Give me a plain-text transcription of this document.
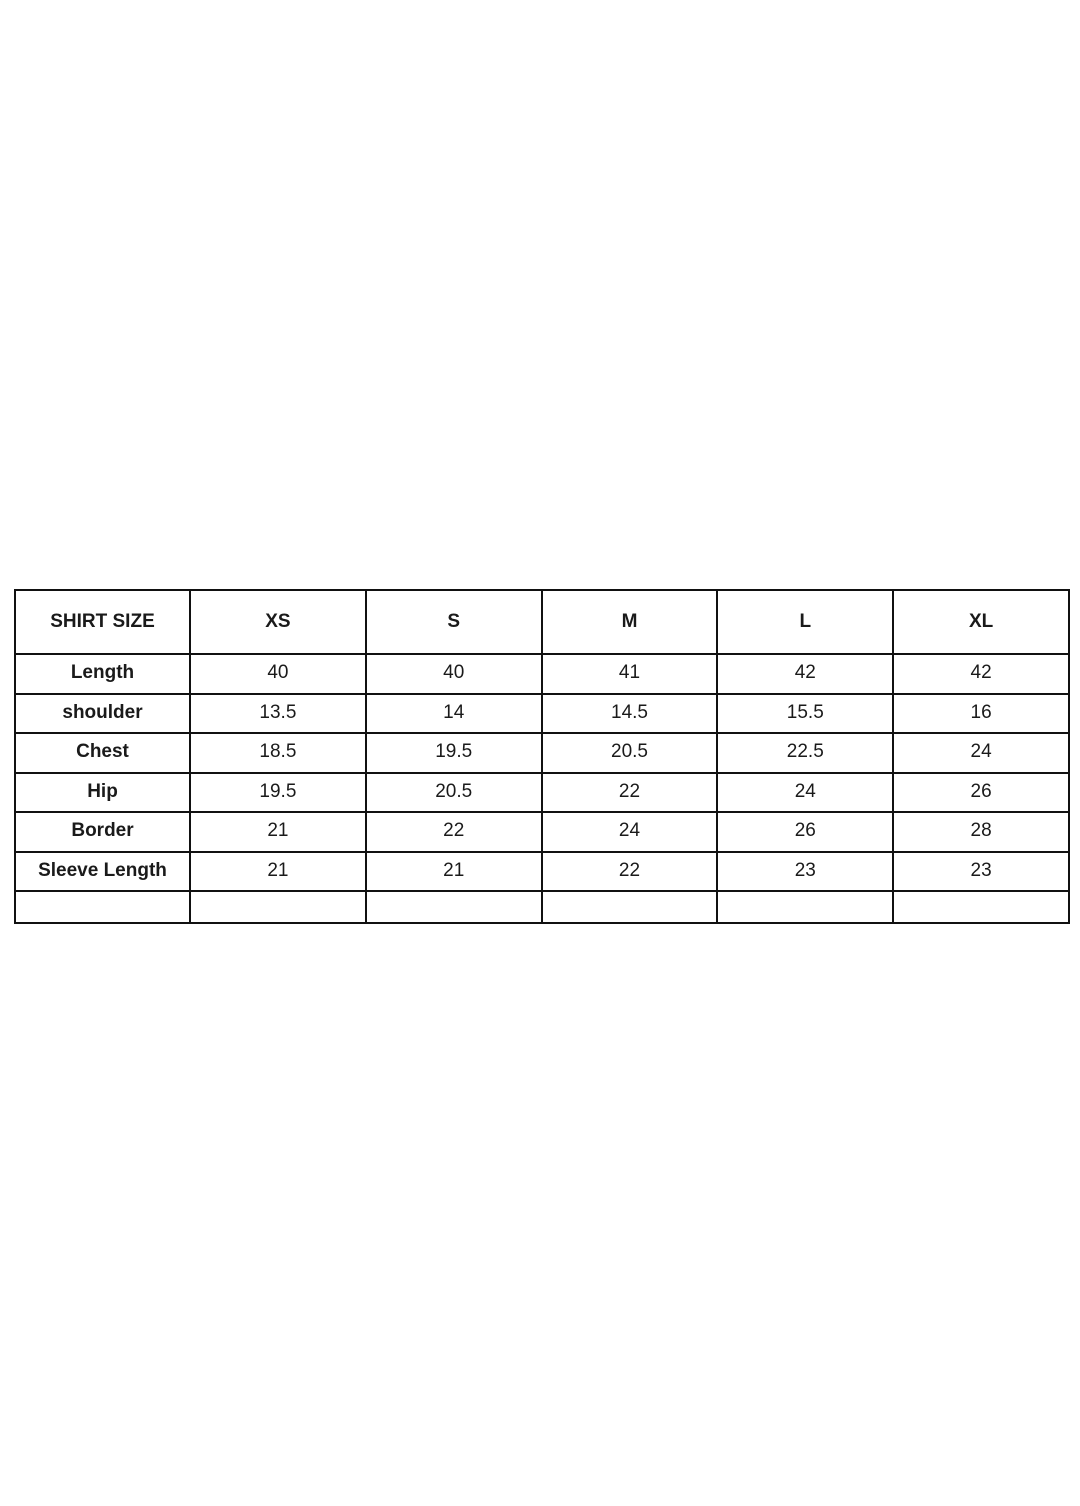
SHIRT SIZE	XS	S	M	L	XL
Length	40	40	41	42	42
shoulder	13.5	14	14.5	15.5	16
Chest	18.5	19.5	20.5	22.5	24
Hip	19.5	20.5	22	24	26
Border	21	22	24	26	28
Sleeve Length	21	21	22	23	23
